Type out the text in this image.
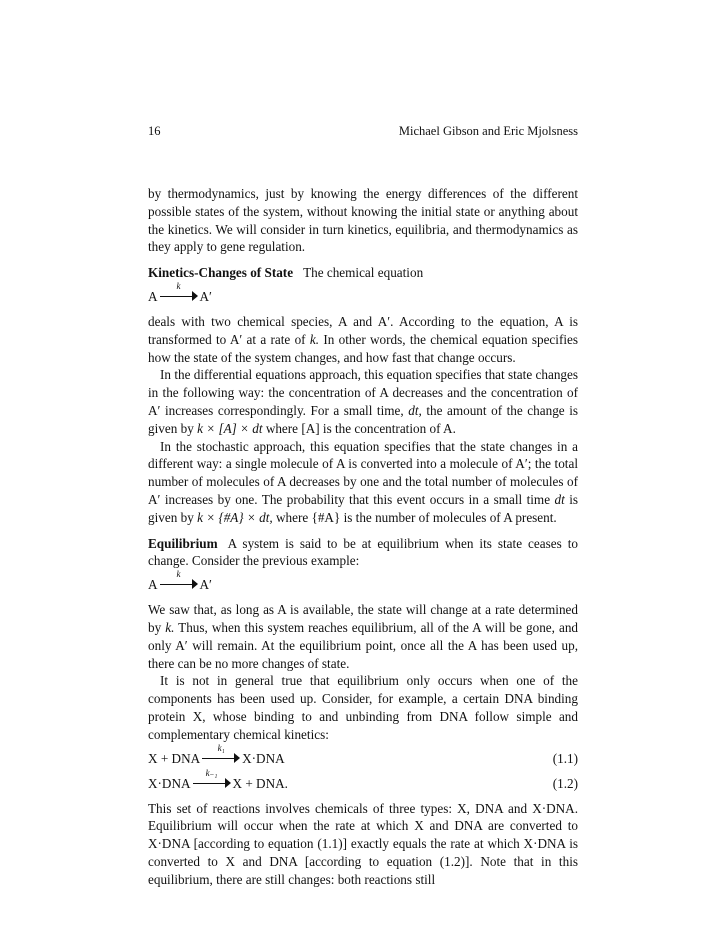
16	Michael Gibson and Eric Mjolsness

by thermodynamics, just by knowing the energy differences of the different possible states of the system, without knowing the initial state or anything about the kinetics. We will consider in turn kinetics, equilibria, and thermodynamics as they apply to gene regulation.

Kinetics-Changes of State The chemical equation

A
k
A′

deals with two chemical species, A and A′. According to the equation, A is transformed to A′ at a rate of k. In other words, the chemical equation specifies how the state of the system changes, and how fast that change occurs.

In the differential equations approach, this equation specifies that state changes in the following way: the concentration of A decreases and the concentration of A′ increases correspondingly. For a small time, dt, the amount of the change is given by k × [A] × dt where [A] is the concentration of A.

In the stochastic approach, this equation specifies that the state changes in a different way: a single molecule of A is converted into a molecule of A′; the total number of molecules of A decreases by one and the total number of molecules of A′ increases by one. The probability that this event occurs in a small time dt is given by k × {#A} × dt, where {#A} is the number of molecules of A present.

Equilibrium A system is said to be at equilibrium when its state ceases to change. Consider the previous example:

A
k
A′

We saw that, as long as A is available, the state will change at a rate determined by k. Thus, when this system reaches equilibrium, all of the A will be gone, and only A′ will remain. At the equilibrium point, once all the A has been used up, there can be no more changes of state.

It is not in general true that equilibrium only occurs when one of the components has been used up. Consider, for example, a certain DNA binding protein X, whose binding to and unbinding from DNA follow simple and complementary chemical kinetics:

X + DNA
k₁
X·DNA	(1.1)
X·DNA
k₋₁
X + DNA.	(1.2)

This set of reactions involves chemicals of three types: X, DNA and X·DNA. Equilibrium will occur when the rate at which X and DNA are converted to X·DNA [according to equation (1.1)] exactly equals the rate at which X·DNA is converted to X and DNA [according to equation (1.2)]. Note that in this equilibrium, there are still changes: both reactions still
